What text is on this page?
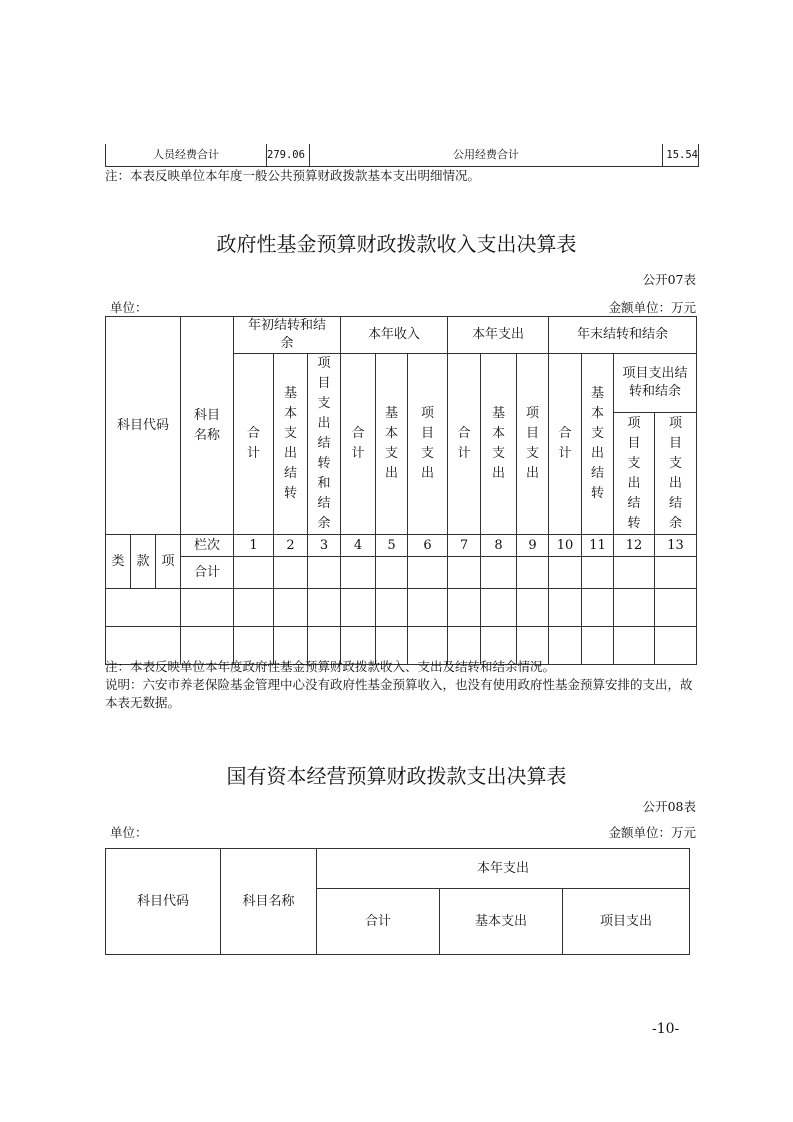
人员经费合计	279.06	公用经费合计	15.54
注：本表反映单位本年度一般公共预算财政拨款基本支出明细情况。
政府性基金预算财政拨款收入支出决算表
公开07表
单位：	金额单位：万元
科目代码			科目名称	年初结转和结余			本年收入			本年支出			年末结转和结余			
				合计	基本支出结转	项目支出结转和结余	合计	基本支出	项目支出	合计	基本支出	项目支出	合计	基本支出结转	项目支出结转和结余	
															项目支出结转	项目支出结余
类	款	项	栏次	1	2	3	4	5	6	7	8	9	10	11	12	13
			合计													

注：本表反映单位本年度政府性基金预算财政拨款收入、支出及结转和结余情况。
说明：六安市养老保险基金管理中心没有政府性基金预算收入，也没有使用政府性基金预算安排的支出，故本表无数据。
国有资本经营预算财政拨款支出决算表
公开08表
单位：	金额单位：万元
科目代码	科目名称	本年支出		
		合计	基本支出	项目支出
-10-
